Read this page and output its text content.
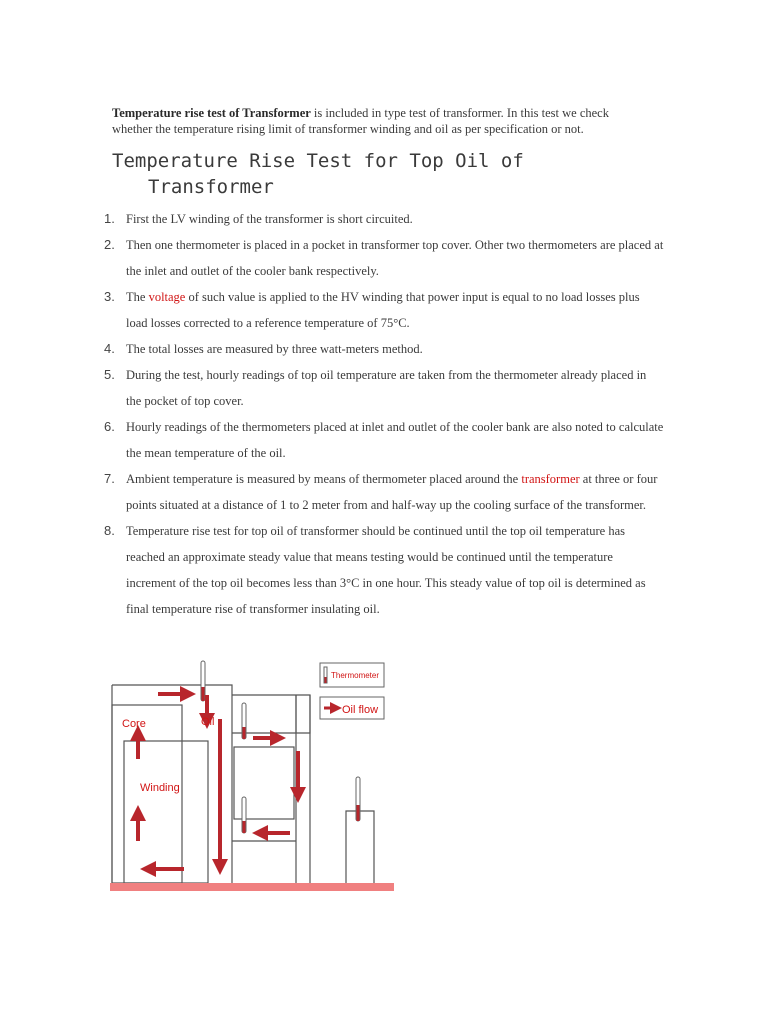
Temperature rise test of Transformer is included in type test of transformer. In this test we check whether the temperature rising limit of transformer winding and oil as per specification or not.

Temperature Rise Test for Top Oil of
Transformer
1. First the LV winding of the transformer is short circuited.
2. Then one thermometer is placed in a pocket in transformer top cover. Other two thermometers are placed at the inlet and outlet of the cooler bank respectively.
3. The voltage of such value is applied to the HV winding that power input is equal to no load losses plus load losses corrected to a reference temperature of 75°C.
4. The total losses are measured by three watt-meters method.
5. During the test, hourly readings of top oil temperature are taken from the thermometer already placed in the pocket of top cover.
6. Hourly readings of the thermometers placed at inlet and outlet of the cooler bank are also noted to calculate the mean temperature of the oil.
7. Ambient temperature is measured by means of thermometer placed around the transformer at three or four points situated at a distance of 1 to 2 meter from and half-way up the cooling surface of the transformer.
8. Temperature rise test for top oil of transformer should be continued until the top oil temperature has reached an approximate steady value that means testing would be continued until the temperature increment of the top oil becomes less than 3°C in one hour. This steady value of top oil is determined as final temperature rise of transformer insulating oil.
Core	Oil
Winding
Thermometer
Oil flow
